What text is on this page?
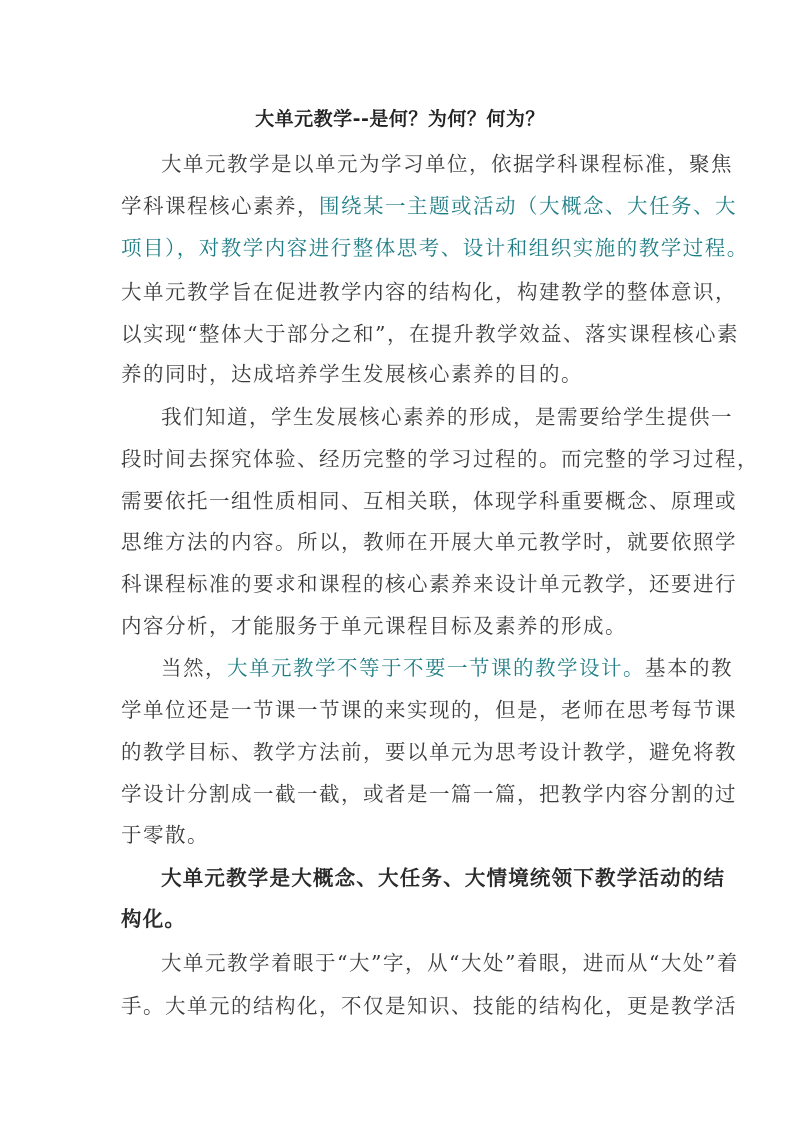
大单元教学--是何？为何？何为？
大单元教学是以单元为学习单位，依据学科课程标准，聚焦
学科课程核心素养，围绕某一主题或活动（大概念、大任务、大
项目），对教学内容进行整体思考、设计和组织实施的教学过程。
大单元教学旨在促进教学内容的结构化，构建教学的整体意识，
以实现“整体大于部分之和”，在提升教学效益、落实课程核心素
养的同时，达成培养学生发展核心素养的目的。
我们知道，学生发展核心素养的形成，是需要给学生提供一
段时间去探究体验、经历完整的学习过程的。而完整的学习过程，
需要依托一组性质相同、互相关联，体现学科重要概念、原理或
思维方法的内容。所以，教师在开展大单元教学时，就要依照学
科课程标准的要求和课程的核心素养来设计单元教学，还要进行
内容分析，才能服务于单元课程目标及素养的形成。
当然，大单元教学不等于不要一节课的教学设计。基本的教
学单位还是一节课一节课的来实现的，但是，老师在思考每节课
的教学目标、教学方法前，要以单元为思考设计教学，避免将教
学设计分割成一截一截，或者是一篇一篇，把教学内容分割的过
于零散。
大单元教学是大概念、大任务、大情境统领下教学活动的结
构化。
大单元教学着眼于“大”字，从“大处”着眼，进而从“大处”着
手。大单元的结构化，不仅是知识、技能的结构化，更是教学活
